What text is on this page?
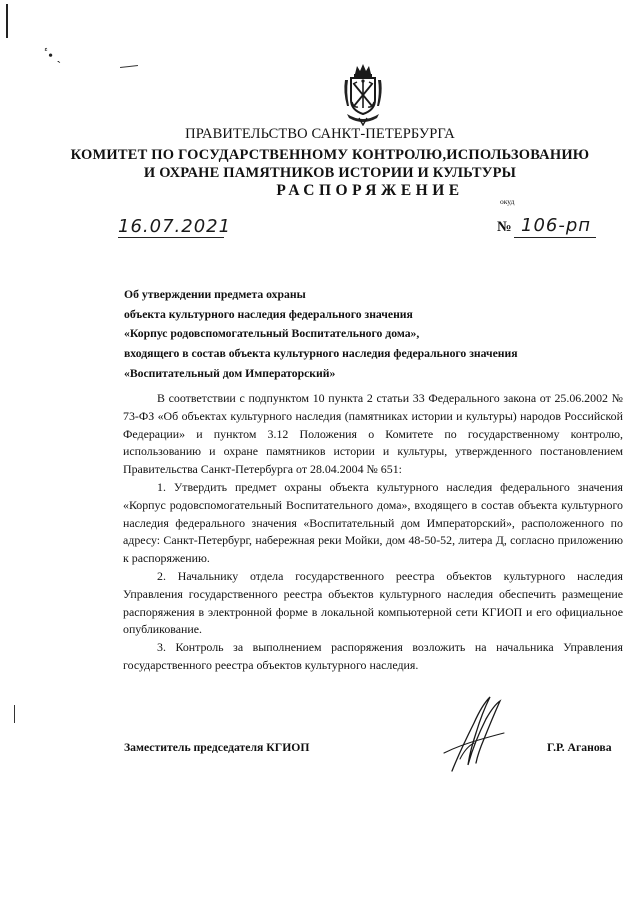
ٴ• ˏ
ПРАВИТЕЛЬСТВО САНКТ-ПЕТЕРБУРГА
КОМИТЕТ ПО ГОСУДАРСТВЕННОМУ КОНТРОЛЮ,ИСПОЛЬЗОВАНИЮ
И ОХРАНЕ ПАМЯТНИКОВ ИСТОРИИ И КУЛЬТУРЫ
РАСПОРЯЖЕНИЕ
окуд
16.07.2021	№ 106-рп
Об утверждении предмета охраны
объекта культурного наследия федерального значения
«Корпус родовспомогательный Воспитательного дома»,
входящего в состав объекта культурного наследия федерального значения
«Воспитательный дом Императорский»

В соответствии с подпунктом 10 пункта 2 статьи 33 Федерального закона от 25.06.2002 № 73-ФЗ «Об объектах культурного наследия (памятниках истории и культуры) народов Российской Федерации» и пунктом 3.12 Положения о Комитете по государственному контролю, использованию и охране памятников истории и культуры, утвержденного постановлением Правительства Санкт-Петербурга от 28.04.2004 № 651:

1. Утвердить предмет охраны объекта культурного наследия федерального значения «Корпус родовспомогательный Воспитательного дома», входящего в состав объекта культурного наследия федерального значения «Воспитательный дом Императорский», расположенного по адресу: Санкт-Петербург, набережная реки Мойки, дом 48-50-52, литера Д, согласно приложению к распоряжению.

2. Начальнику отдела государственного реестра объектов культурного наследия Управления государственного реестра объектов культурного наследия обеспечить размещение распоряжения в электронной форме в локальной компьютерной сети КГИОП и его официальное опубликование.

3. Контроль за выполнением распоряжения возложить на начальника Управления государственного реестра объектов культурного наследия.

Заместитель председателя КГИОП	Г.Р. Аганова
